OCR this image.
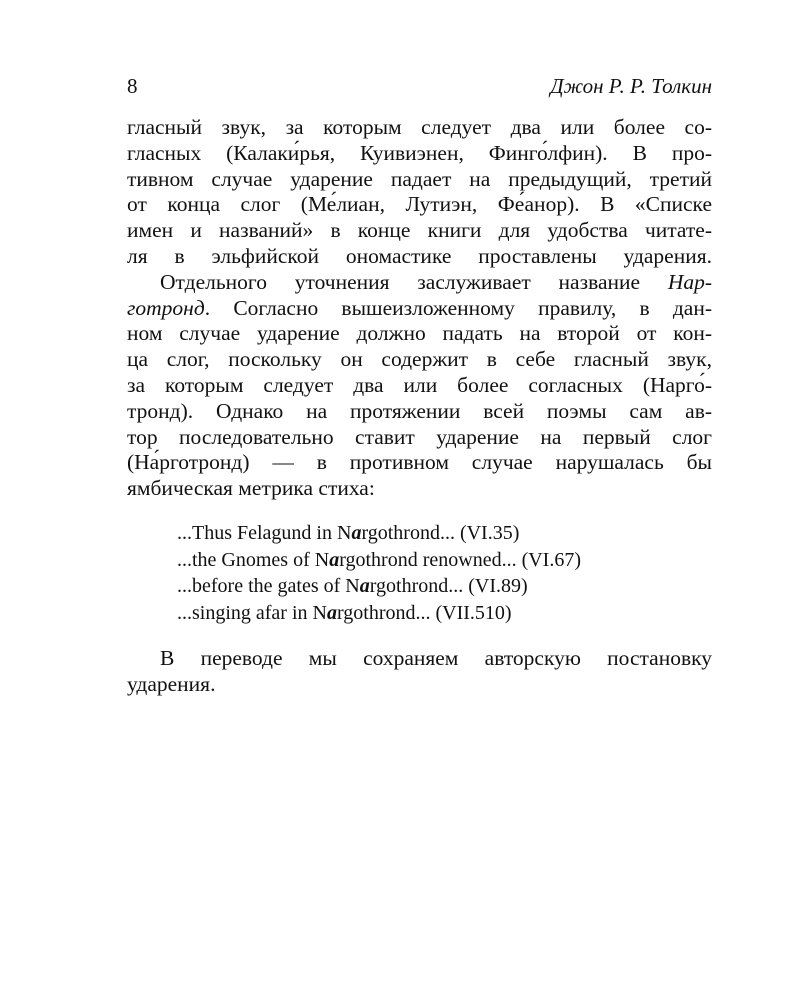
8	Джон Р. Р. Толкин
гласный звук, за которым следует два или более со-
гласных (Калаки́рья, Куивиэнен, Финго́лфин). В про-
тивном случае ударение падает на предыдущий, третий
от конца слог (Ме́лиан, Лутиэн, Фе́анор). В «Списке
имен и названий» в конце книги для удобства читате-
ля в эльфийской ономастике проставлены ударения.
Отдельного уточнения заслуживает название Нар-
готронд. Согласно вышеизложенному правилу, в дан-
ном случае ударение должно падать на второй от кон-
ца слог, поскольку он содержит в себе гласный звук,
за которым следует два или более согласных (Нарго́-
тронд). Однако на протяжении всей поэмы сам ав-
тор последовательно ставит ударение на первый слог
(На́рготронд) — в противном случае нарушалась бы
ямбическая метрика стиха:
...Thus Felagund in Nargothrond... (VI.35)
...the Gnomes of Nargothrond renowned... (VI.67)
...before the gates of Nargothrond... (VI.89)
...singing afar in Nargothrond... (VII.510)
В переводе мы сохраняем авторскую постановку
ударения.
